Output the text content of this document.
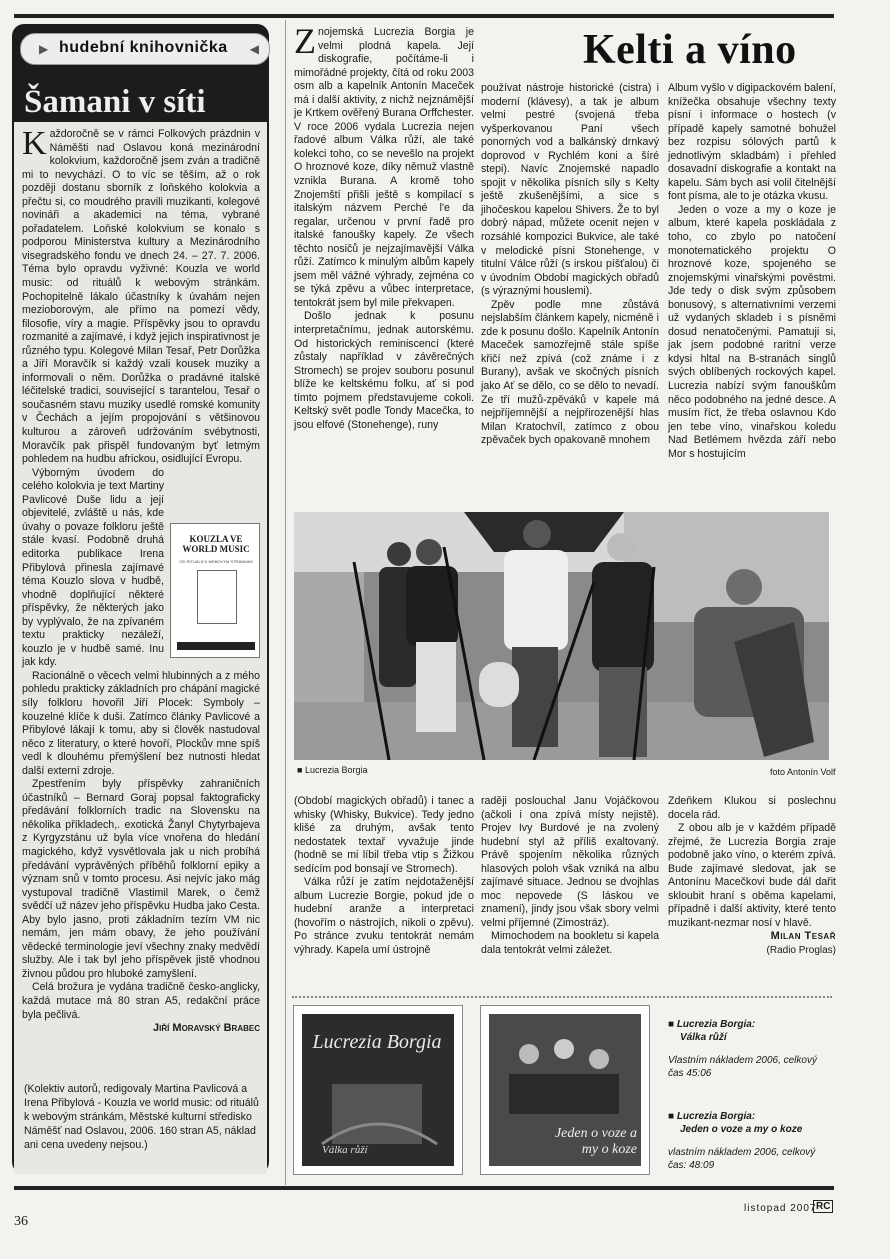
▶ hudební knihovnička ◀
Šamani v síti

Každoročně se v rámci Folkových prázdnin v Náměšti nad Oslavou koná mezinárodní kolokvium, každoročně jsem zván a tradičně mi to nevychází. O to víc se těším, až o rok později dostanu sborník z loňského kolokvia a přečtu si, co moudrého pravili muzikanti, kolegové novináři a akademici na téma, vybrané pořadatelem. Loňské kolokvium se konalo s podporou Ministerstva kultury a Mezinárodního visegradského fondu ve dnech 24. – 27. 7. 2006. Téma bylo opravdu vyživné: Kouzla ve world music: od rituálů k webovým stránkám. Pochopitelně lákalo účastníky k úvahám nejen mezioborovým, ale přímo na pomezí vědy, filosofie, víry a magie. Příspěvky jsou to opravdu rozmanité a zajímavé, i když jejich inspirativnost je různého typu. Kolegové Milan Tesař, Petr Dorůžka a Jiří Moravčík si každý vzali kousek muziky a informovali o něm. Dorůžka o pradávné italské léčitelské tradici, související s tarantelou, Tesař o současném stavu muziky usedlé romské komunity v Čechách a jejím propojování s většinovou kulturou a zároveň udržováním svébytnosti, Moravčík pak přispěl fundovaným byť letmým pohledem na hudbu africkou, osidlující Evropu.

Výborným úvodem do celého kolokvia je text Martiny Pavlicové Duše lidu a její objevitelé, zvláště u nás, kde úvahy o povaze folkloru ještě stále kvasí. Podobně druhá editorka publikace Irena Přibylová přinesla zajímavé téma Kouzlo slova v hudbě, vhodně doplňující některé příspěvky, že některých jako by vyplývalo, že na zpívaném textu prakticky nezáleží, kouzlo je v hudbě samé. Inu jak kdy.

Racionálně o věcech velmi hlubinných a z mého pohledu prakticky základních pro chápání magické síly folkloru hovořil Jiří Plocek: Symboly – kouzelné klíče k duši. Zatímco články Pavlicové a Přibylové lákají k tomu, aby si člověk nastudoval něco z literatury, o které hovoří, Plockův mne spíš vedl k dlouhému přemýšlení bez nutnosti hledat další externí zdroje.

Zpestřením byly příspěvky zahraničních účastníků – Bernard Goraj popsal faktograficky předávání folklorních tradic na Slovensku na několika příkladech,. exotická Žanyl Chytyrbajeva z Kyrgyzstánu už byla více vnořena do hledání magického, když vysvětlovala jak u nich probíhá předávání vyprávěných příběhů folklorní epiky a význam snů v tomto procesu. Asi nejvíc jako mág vystupoval tradičně Vlastimil Marek, o čemž svědčí už název jeho příspěvku Hudba jako Cesta. Aby bylo jasno, proti základním tezím VM nic nemám, jen mám obavy, že jeho používání vědecké terminologie jeví všechny znaky medvědí služby. Ale i tak byl jeho příspěvek jistě vhodnou živnou půdou pro hluboké zamyšlení.

Celá brožura je vydána tradičně česko-anglicky, každá mutace má 80 stran A5, redakční práce byla pečlivá.

Jiří Moravský Brabec
KOUZLA VE WORLD MUSIC
OD RITUÁLŮ K WEBOVÝM STRÁNKÁM
(Kolektiv autorů, redigovaly Martina Pavlicová a Irena Přibylová - Kouzla ve world music: od rituálů k webovým stránkám, Městské kulturní středisko Náměšť nad Oslavou, 2006. 160 stran A5, náklad ani cena uvedeny nejsou.)
Kelti a víno

Znojemská Lucrezia Borgia je velmi plodná kapela. Její diskografie, počítáme-li i mimořádné projekty, čítá od roku 2003 osm alb a kapelník Antonín Maceček má i další aktivity, z nichž nejznámější je Krtkem ověřený Burana Orffchester. V roce 2006 vydala Lucrezia nejen řadové album Válka růží, ale také kolekci toho, co se nevešlo na projekt O hroznové koze, díky němuž vlastně vznikla Burana. A kromě toho Znojemští přišli ještě s kompilací s italským názvem Perché l'e da regalar, určenou v první řadě pro italské fanoušky kapely. Ze všech těchto nosičů je nejzajímavější Válka růží. Zatímco k minulým albům kapely jsem měl vážné výhrady, zejména co se týká zpěvu a vůbec interpretace, tentokrát jsem byl mile překvapen.

Došlo jednak k posunu interpretačnímu, jednak autorskému. Od historických reminiscencí (které zůstaly například v závěrečných Stromech) se projev souboru posunul blíže ke keltskému folku, ať si pod tímto pojmem představujeme cokoli. Keltský svět podle Tondy Macečka, to jsou elfové (Stonehenge), runy

používat nástroje historické (cistra) i moderní (klávesy), a tak je album velmi pestré (svojená třeba vyšperkovanou Paní všech ponorných vod a balkánský drnkavý doprovod v Rychlém koni a šíré stepi). Navíc Znojemské napadlo spojit v několika písních síly s Kelty ještě zkušenějšími, a sice s jihočeskou kapelou Shivers. Že to byl dobrý nápad, můžete ocenit nejen v rozsáhlé kompozici Bukvice, ale také v melodické písni Stonehenge, v titulní Válce růží (s irskou píšťalou) či v úvodním Období magických obřadů (s výraznými houslemi).

Zpěv podle mne zůstává nejslabším článkem kapely, nicméně i zde k posunu došlo. Kapelník Antonín Maceček samozřejmě stále spíše křičí než zpívá (což známe i z Burany), avšak ve skočných písních jako Ať se dělo, co se dělo to nevadí. Ze tří mužů-zpěváků v kapele má nejpříjemnější a nejpřirozenější hlas Milan Kratochvíl, zatímco z obou zpěvaček bych opakovaně mnohem

Album vyšlo v digipackovém balení, knížečka obsahuje všechny texty písní i informace o hostech (v případě kapely samotné bohužel bez rozpisu sólových partů k jednotlivým skladbám) i přehled dosavadní diskografie a kontakt na kapelu. Sám bych asi volil čitelnější font písma, ale to je otázka vkusu.

Jeden o voze a my o koze je album, které kapela poskládala z toho, co zbylo po natočení monotematického projektu O hroznové koze, spojeného se znojemskými vinařskými pověstmi. Jde tedy o disk svým způsobem bonusový, s alternativními verzemi už vydaných skladeb i s písněmi dosud nenatočenými. Pamatuji si, jak jsem podobné raritní verze kdysi hltal na B-stranách singlů svých oblíbených rockových kapel. Lucrezia nabízí svým fanouškům něco podobného na jedné desce. A musím říct, že třeba oslavnou Kdo jen tebe víno, vinařskou koledu Nad Betlémem hvězda září nebo Mor s hostujícím

■ Lucrezia Borgia	foto Antonín Volf

(Období magických obřadů) i tanec a whisky (Whisky, Bukvice). Tedy jedno klišé za druhým, avšak tento nedostatek textař vyvažuje jinde (hodně se mi líbil třeba vtip s Žižkou sedícím pod bonsají ve Stromech).

Válka růží je zatím nejdotaženější album Lucrezie Borgie, pokud jde o hudební aranže a interpretaci (hovořím o nástrojích, nikoli o zpěvu). Po stránce zvuku tentokrát nemám výhrady. Kapela umí ústrojně

raději poslouchal Janu Vojáčkovou (ačkoli i ona zpívá místy nejistě). Projev Ivy Burdové je na zvolený hudební styl až příliš exaltovaný. Právě spojením několika různých hlasových poloh však vzniká na albu zajímavé situace. Jednou se dvojhlas moc nepovede (S láskou ve znamení), jindy jsou však sbory velmi velmi příjemné (Zimostráz).

Mimochodem na bookletu si kapela dala tentokrát velmi záležet.

Zdeňkem Klukou si poslechnu docela rád.

Z obou alb je v každém případě zřejmé, že Lucrezia Borgia zraje podobně jako víno, o kterém zpívá. Bude zajímavé sledovat, jak se Antonínu Macečkovi bude dál dařit skloubit hraní s oběma kapelami, případně i další aktivity, které tento muzikant-nezmar nosí v hlavě.

Milan Tesař
(Radio Proglas)
Lucrezia Borgia
Válka růží
Jeden o voze a my o koze
■ Lucrezia Borgia:
Válka růží
Vlastním nákladem 2006, celkový čas 45:06
■ Lucrezia Borgia:
Jeden o voze a my o koze
vlastním nákladem 2006, celkový čas: 48:09
36
listopad 2007 RC
